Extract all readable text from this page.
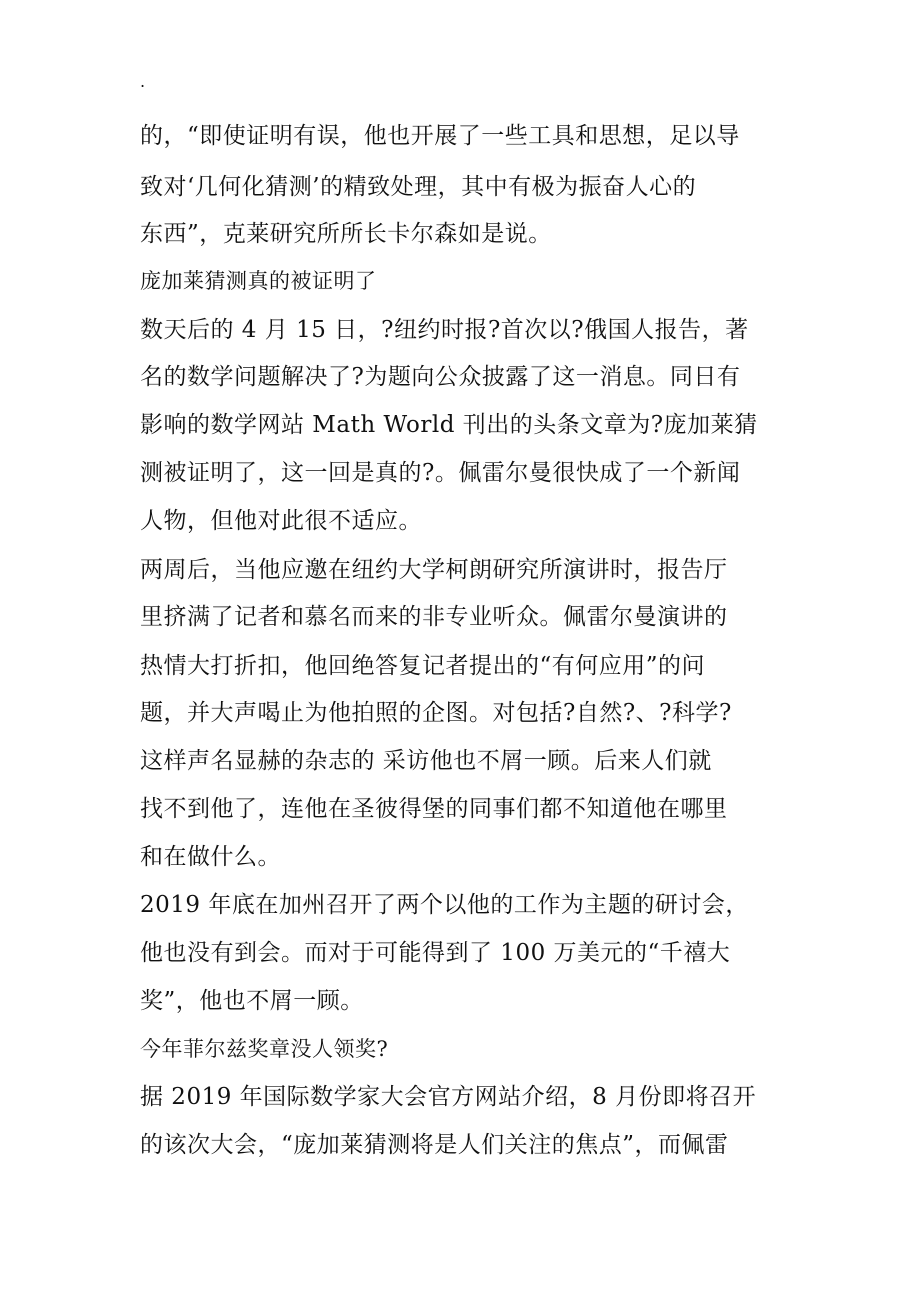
.
的，“即使证明有误，他也开展了一些工具和思想，足以导
致对‘几何化猜测’的精致处理，其中有极为振奋人心的
东西”，克莱研究所所长卡尔森如是说。
庞加莱猜测真的被证明了
数天后的 4 月 15 日，?纽约时报?首次以?俄国人报告，著
名的数学问题解决了?为题向公众披露了这一消息。同日有
影响的数学网站 Math World 刊出的头条文章为?庞加莱猜
测被证明了，这一回是真的?。佩雷尔曼很快成了一个新闻
人物，但他对此很不适应。
两周后，当他应邀在纽约大学柯朗研究所演讲时，报告厅
里挤满了记者和慕名而来的非专业听众。佩雷尔曼演讲的
热情大打折扣，他回绝答复记者提出的“有何应用”的问
题，并大声喝止为他拍照的企图。对包括?自然?、?科学?
这样声名显赫的杂志的 采访他也不屑一顾。后来人们就
找不到他了，连他在圣彼得堡的同事们都不知道他在哪里
和在做什么。
2019 年底在加州召开了两个以他的工作为主题的研讨会，
他也没有到会。而对于可能得到了 100 万美元的“千禧大
奖”，他也不屑一顾。
今年菲尔兹奖章没人领奖?
据 2019 年国际数学家大会官方网站介绍，8 月份即将召开
的该次大会，“庞加莱猜测将是人们关注的焦点”，而佩雷
